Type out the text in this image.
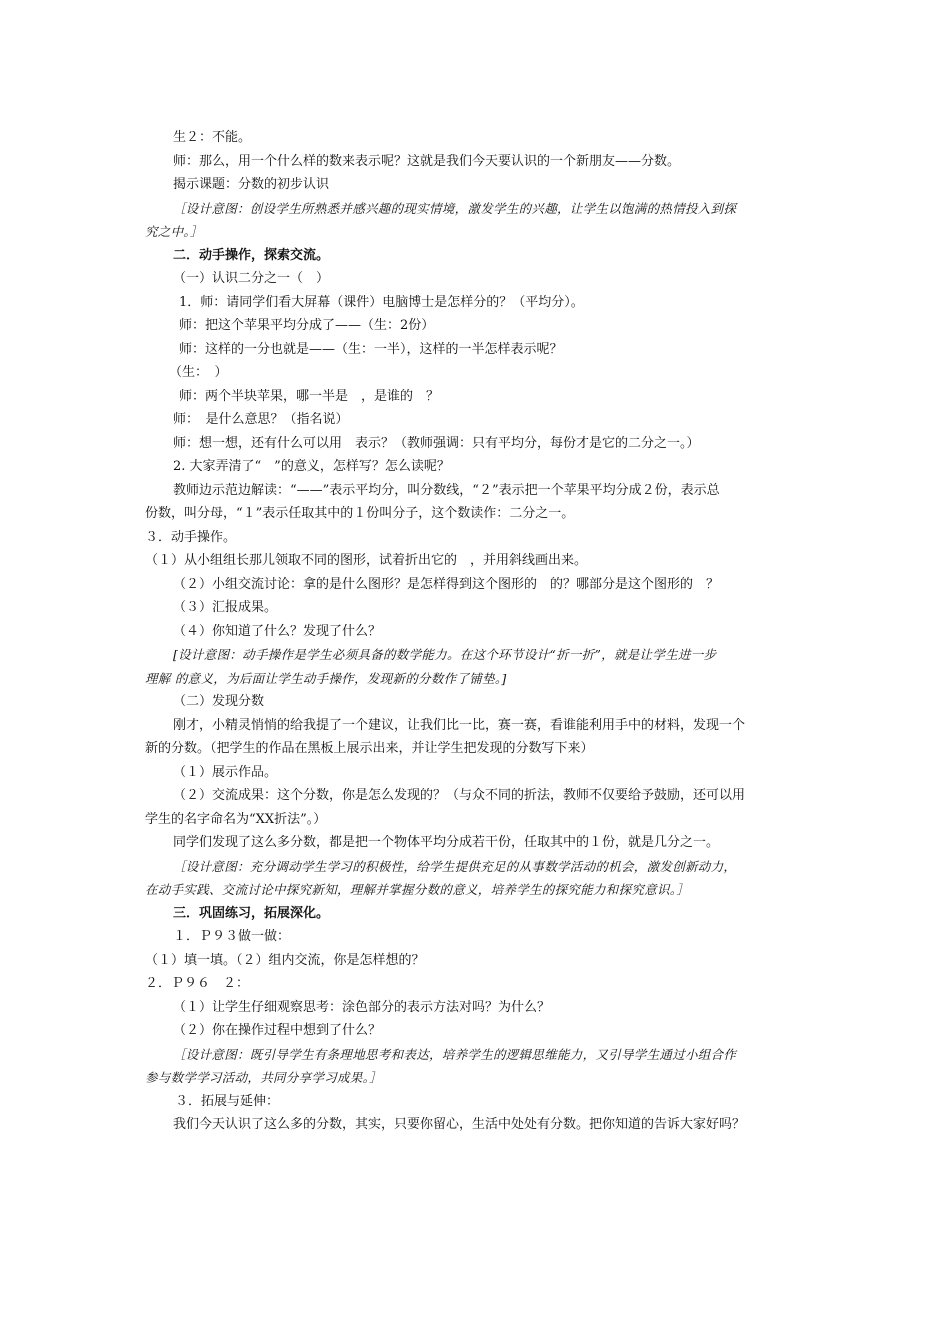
生２：不能。
师：那么，用一个什么样的数来表示呢？这就是我们今天要认识的一个新朋友——分数。
揭示课题：分数的初步认识
［设计意图：创设学生所熟悉并感兴趣的现实情境，激发学生的兴趣，让学生以饱满的热情投入到探
究之中。］
二．动手操作，探索交流。
（一）认识二分之一（　）
1．师：请同学们看大屏幕（课件）电脑博士是怎样分的？（平均分）。
师：把这个苹果平均分成了——（生：2份）
师：这样的一分也就是——（生：一半），这样的一半怎样表示呢？
（生：　）
师：两个半块苹果，哪一半是　，是谁的　？
师：　是什么意思？（指名说）
师：想一想，还有什么可以用　表示？（教师强调：只有平均分，每份才是它的二分之一。）
2. 大家弄清了“　”的意义，怎样写？怎么读呢？
教师边示范边解读：“——”表示平均分，叫分数线，“２”表示把一个苹果平均分成２份，表示总
份数，叫分母，“１”表示任取其中的１份叫分子，这个数读作：二分之一。
３．动手操作。
（１）从小组组长那儿领取不同的图形，试着折出它的　，并用斜线画出来。
（２）小组交流讨论：拿的是什么图形？是怎样得到这个图形的　的？哪部分是这个图形的　？
（３）汇报成果。
（４）你知道了什么？发现了什么？
[设计意图：动手操作是学生必须具备的数学能力。在这个环节设计“折一折”，就是让学生进一步
理解 的意义，为后面让学生动手操作，发现新的分数作了铺垫。]
（二）发现分数
刚才，小精灵悄悄的给我提了一个建议，让我们比一比，赛一赛，看谁能利用手中的材料，发现一个
新的分数。（把学生的作品在黑板上展示出来，并让学生把发现的分数写下来）
（１）展示作品。
（２）交流成果：这个分数，你是怎么发现的？（与众不同的折法，教师不仅要给予鼓励，还可以用
学生的名字命名为“XX折法”。）
同学们发现了这么多分数，都是把一个物体平均分成若干份，任取其中的１份，就是几分之一。
［设计意图：充分调动学生学习的积极性，给学生提供充足的从事数学活动的机会，激发创新动力，
在动手实践、交流讨论中探究新知，理解并掌握分数的意义，培养学生的探究能力和探究意识。］
三．巩固练习，拓展深化。
１．Ｐ９３做一做：
（１）填一填。（２）组内交流，你是怎样想的？
２．Ｐ９６　２：
（１）让学生仔细观察思考：涂色部分的表示方法对吗？为什么？
（２）你在操作过程中想到了什么？
［设计意图：既引导学生有条理地思考和表达，培养学生的逻辑思维能力，又引导学生通过小组合作
参与数学学习活动，共同分享学习成果。］
３．拓展与延伸：
我们今天认识了这么多的分数，其实，只要你留心，生活中处处有分数。把你知道的告诉大家好吗？
